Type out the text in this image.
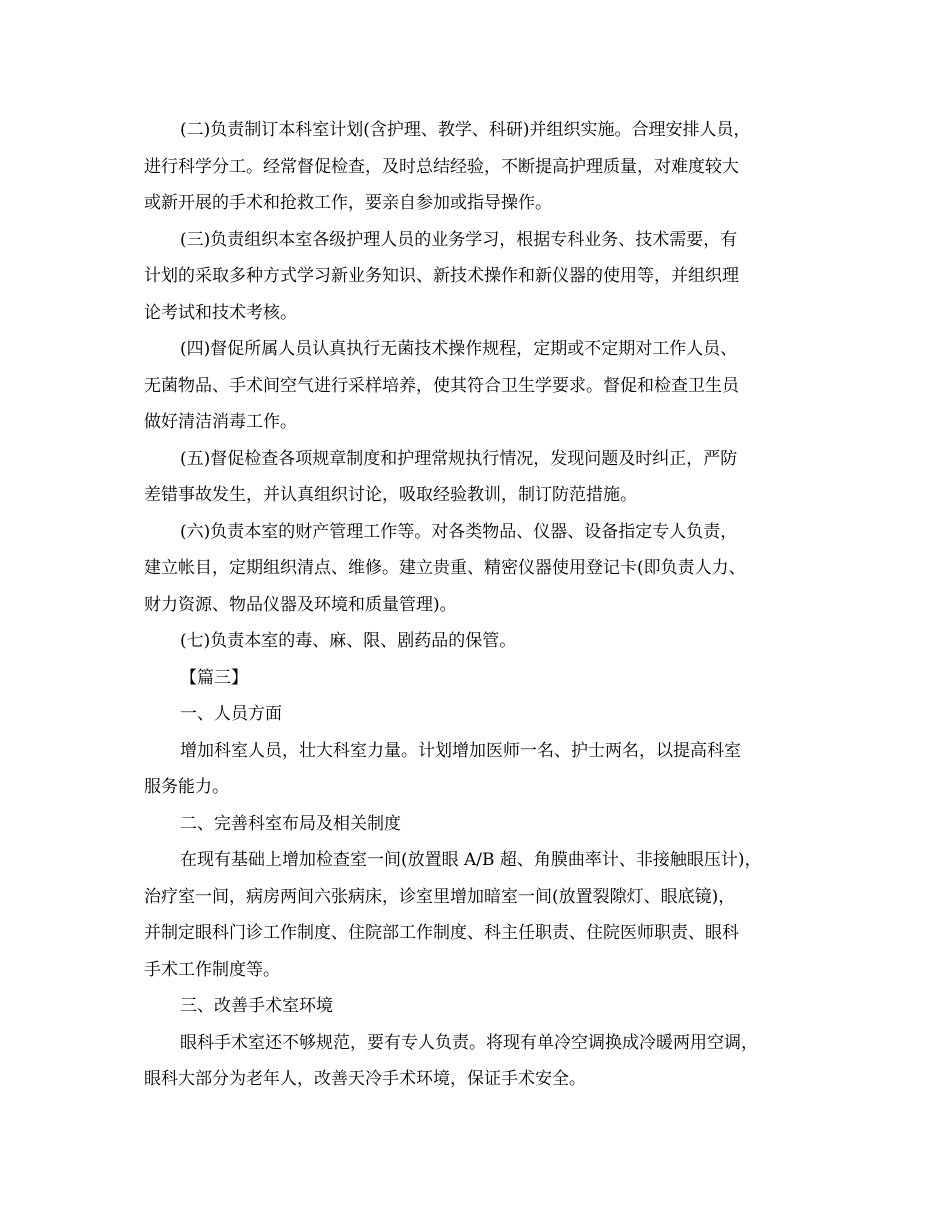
(二)负责制订本科室计划(含护理、教学、科研)并组织实施。合理安排人员，
进行科学分工。经常督促检查，及时总结经验，不断提高护理质量，对难度较大
或新开展的手术和抢救工作，要亲自参加或指导操作。

(三)负责组织本室各级护理人员的业务学习，根据专科业务、技术需要，有
计划的采取多种方式学习新业务知识、新技术操作和新仪器的使用等，并组织理
论考试和技术考核。

(四)督促所属人员认真执行无菌技术操作规程，定期或不定期对工作人员、
无菌物品、手术间空气进行采样培养，使其符合卫生学要求。督促和检查卫生员
做好清洁消毒工作。

(五)督促检查各项规章制度和护理常规执行情况，发现问题及时纠正，严防
差错事故发生，并认真组织讨论，吸取经验教训，制订防范措施。

(六)负责本室的财产管理工作等。对各类物品、仪器、设备指定专人负责，
建立帐目，定期组织清点、维修。建立贵重、精密仪器使用登记卡(即负责人力、
财力资源、物品仪器及环境和质量管理)。

(七)负责本室的毒、麻、限、剧药品的保管。

【篇三】

一、人员方面

增加科室人员，壮大科室力量。计划增加医师一名、护士两名，以提高科室
服务能力。

二、完善科室布局及相关制度

在现有基础上增加检查室一间(放置眼 A/B 超、角膜曲率计、非接触眼压计)，
治疗室一间，病房两间六张病床，诊室里增加暗室一间(放置裂隙灯、眼底镜)，
并制定眼科门诊工作制度、住院部工作制度、科主任职责、住院医师职责、眼科
手术工作制度等。

三、改善手术室环境

眼科手术室还不够规范，要有专人负责。将现有单冷空调换成冷暖两用空调，
眼科大部分为老年人，改善天冷手术环境，保证手术安全。
